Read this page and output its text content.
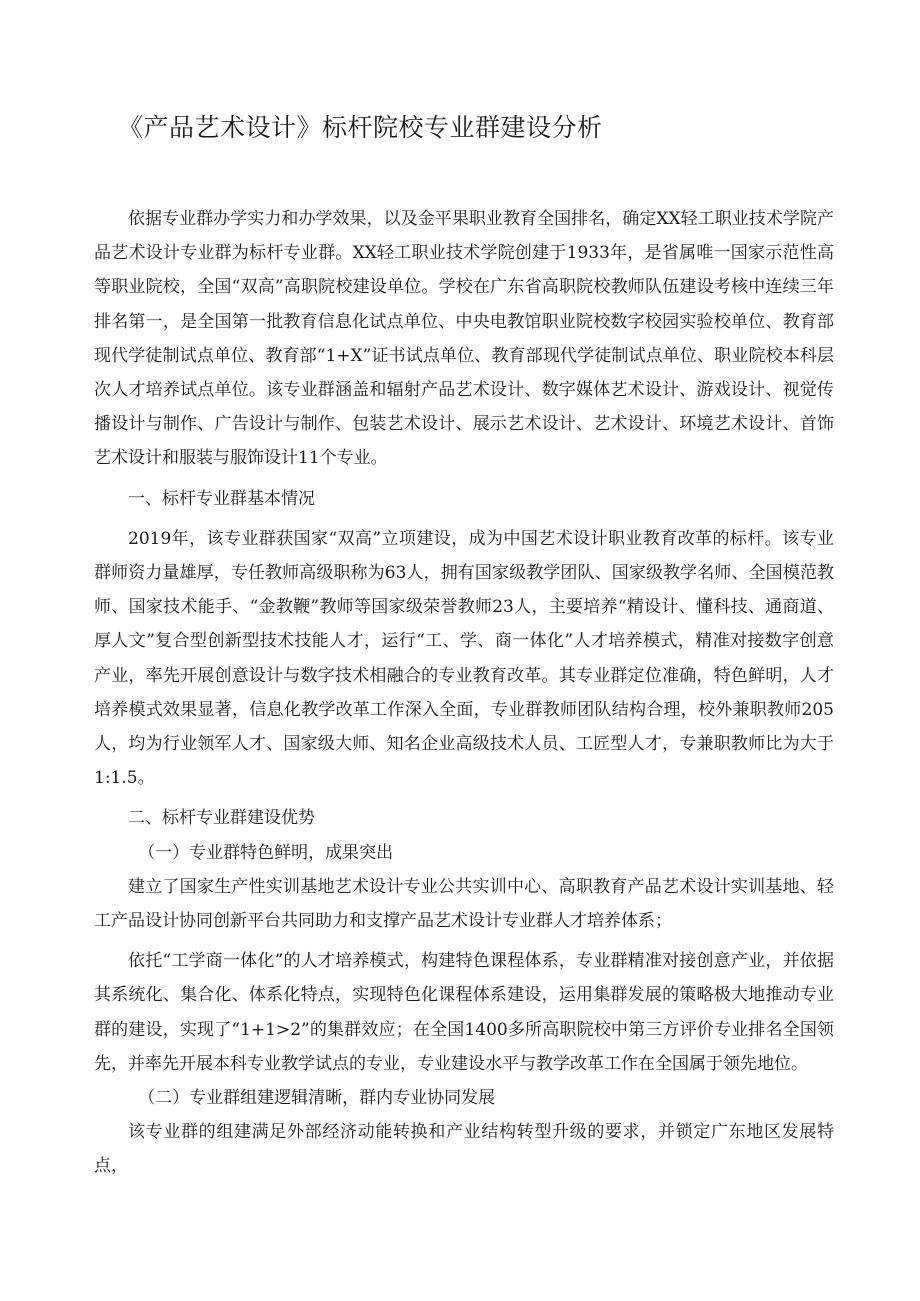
《产品艺术设计》标杆院校专业群建设分析

依据专业群办学实力和办学效果，以及金平果职业教育全国排名，确定XX轻工职业技术学院产品艺术设计专业群为标杆专业群。XX轻工职业技术学院创建于1933年，是省属唯一国家示范性高等职业院校，全国“双高”高职院校建设单位。学校在广东省高职院校教师队伍建设考核中连续三年排名第一，是全国第一批教育信息化试点单位、中央电教馆职业院校数字校园实验校单位、教育部现代学徒制试点单位、教育部“1+X”证书试点单位、教育部现代学徒制试点单位、职业院校本科层次人才培养试点单位。该专业群涵盖和辐射产品艺术设计、数字媒体艺术设计、游戏设计、视觉传播设计与制作、广告设计与制作、包装艺术设计、展示艺术设计、艺术设计、环境艺术设计、首饰艺术设计和服装与服饰设计11个专业。

一、标杆专业群基本情况

2019年，该专业群获国家“双高”立项建设，成为中国艺术设计职业教育改革的标杆。该专业群师资力量雄厚，专任教师高级职称为63人，拥有国家级教学团队、国家级教学名师、全国模范教师、国家技术能手、“金教鞭”教师等国家级荣誉教师23人，主要培养“精设计、懂科技、通商道、厚人文”复合型创新型技术技能人才，运行“工、学、商一体化”人才培养模式，精准对接数字创意产业，率先开展创意设计与数字技术相融合的专业教育改革。其专业群定位准确，特色鲜明，人才培养模式效果显著，信息化教学改革工作深入全面，专业群教师团队结构合理，校外兼职教师205人，均为行业领军人才、国家级大师、知名企业高级技术人员、工匠型人才，专兼职教师比为大于1:1.5。

二、标杆专业群建设优势

（一）专业群特色鲜明，成果突出

建立了国家生产性实训基地艺术设计专业公共实训中心、高职教育产品艺术设计实训基地、轻工产品设计协同创新平台共同助力和支撑产品艺术设计专业群人才培养体系；

依托“工学商一体化”的人才培养模式，构建特色课程体系，专业群精准对接创意产业，并依据其系统化、集合化、体系化特点，实现特色化课程体系建设，运用集群发展的策略极大地推动专业群的建设，实现了“1+1>2”的集群效应；在全国1400多所高职院校中第三方评价专业排名全国领先，并率先开展本科专业教学试点的专业，专业建设水平与教学改革工作在全国属于领先地位。

（二）专业群组建逻辑清晰，群内专业协同发展

该专业群的组建满足外部经济动能转换和产业结构转型升级的要求，并锁定广东地区发展特点，
